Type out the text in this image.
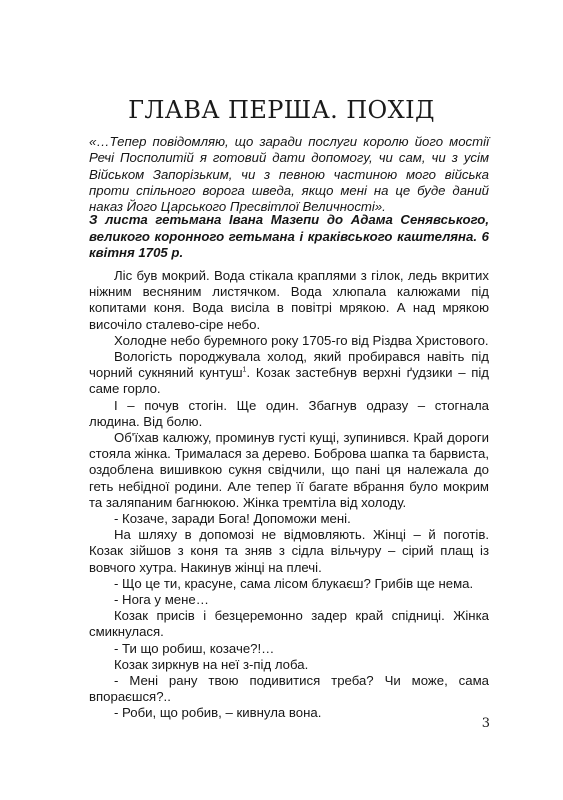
ГЛАВА ПЕРША. ПОХІД
«…Тепер повідомляю, що заради послуги королю його мостії Речі Посполитій я готовий дати допомогу, чи сам, чи з усім Військом Запорізьким, чи з певною частиною мого війська проти спільного ворога шведа, якщо мені на це буде даний наказ Його Царського Пресвітлої Величності».
З листа гетьмана Івана Мазепи до Адама Сенявського, великого коронного гетьмана і краківського каштеляна. 6 квітня 1705 р.

Ліс був мокрий. Вода стікала краплями з гілок, ледь вкритих ніжним весняним листячком. Вода хлюпала калюжами під копитами коня. Вода висіла в повітрі мрякою. А над мрякою височіло сталево-сіре небо.

Холодне небо буремного року 1705-го від Різдва Христового.

Вологість породжувала холод, який пробирався навіть під чорний сукняний кунтуш$^1$. Козак застебнув верхні ґудзики – під саме горло.

І – почув стогін. Ще один. Збагнув одразу – стогнала людина. Від болю.

Об'їхав калюжу, проминув густі кущі, зупинився. Край дороги стояла жінка. Трималася за дерево. Боброва шапка та барвиста, оздоблена вишивкою сукня свідчили, що пані ця належала до геть небідної родини. Але тепер її багате вбрання було мокрим та заляпаним багнюкою. Жінка тремтіла від холоду.

- Козаче, заради Бога! Допоможи мені.

На шляху в допомозі не відмовляють. Жінці – й поготів. Козак зійшов з коня та зняв з сідла вільчуру – сірий плащ із вовчого хутра. Накинув жінці на плечі.

- Що це ти, красуне, сама лісом блукаєш? Грибів ще нема.

- Нога у мене…

Козак присів і безцеремонно задер край спідниці. Жінка смикнулася.

- Ти що робиш, козаче?!…

Козак зиркнув на неї з-під лоба.

- Мені рану твою подивитися треба? Чи може, сама впораєшся?..

- Роби, що робив, – кивнула вона.

3
